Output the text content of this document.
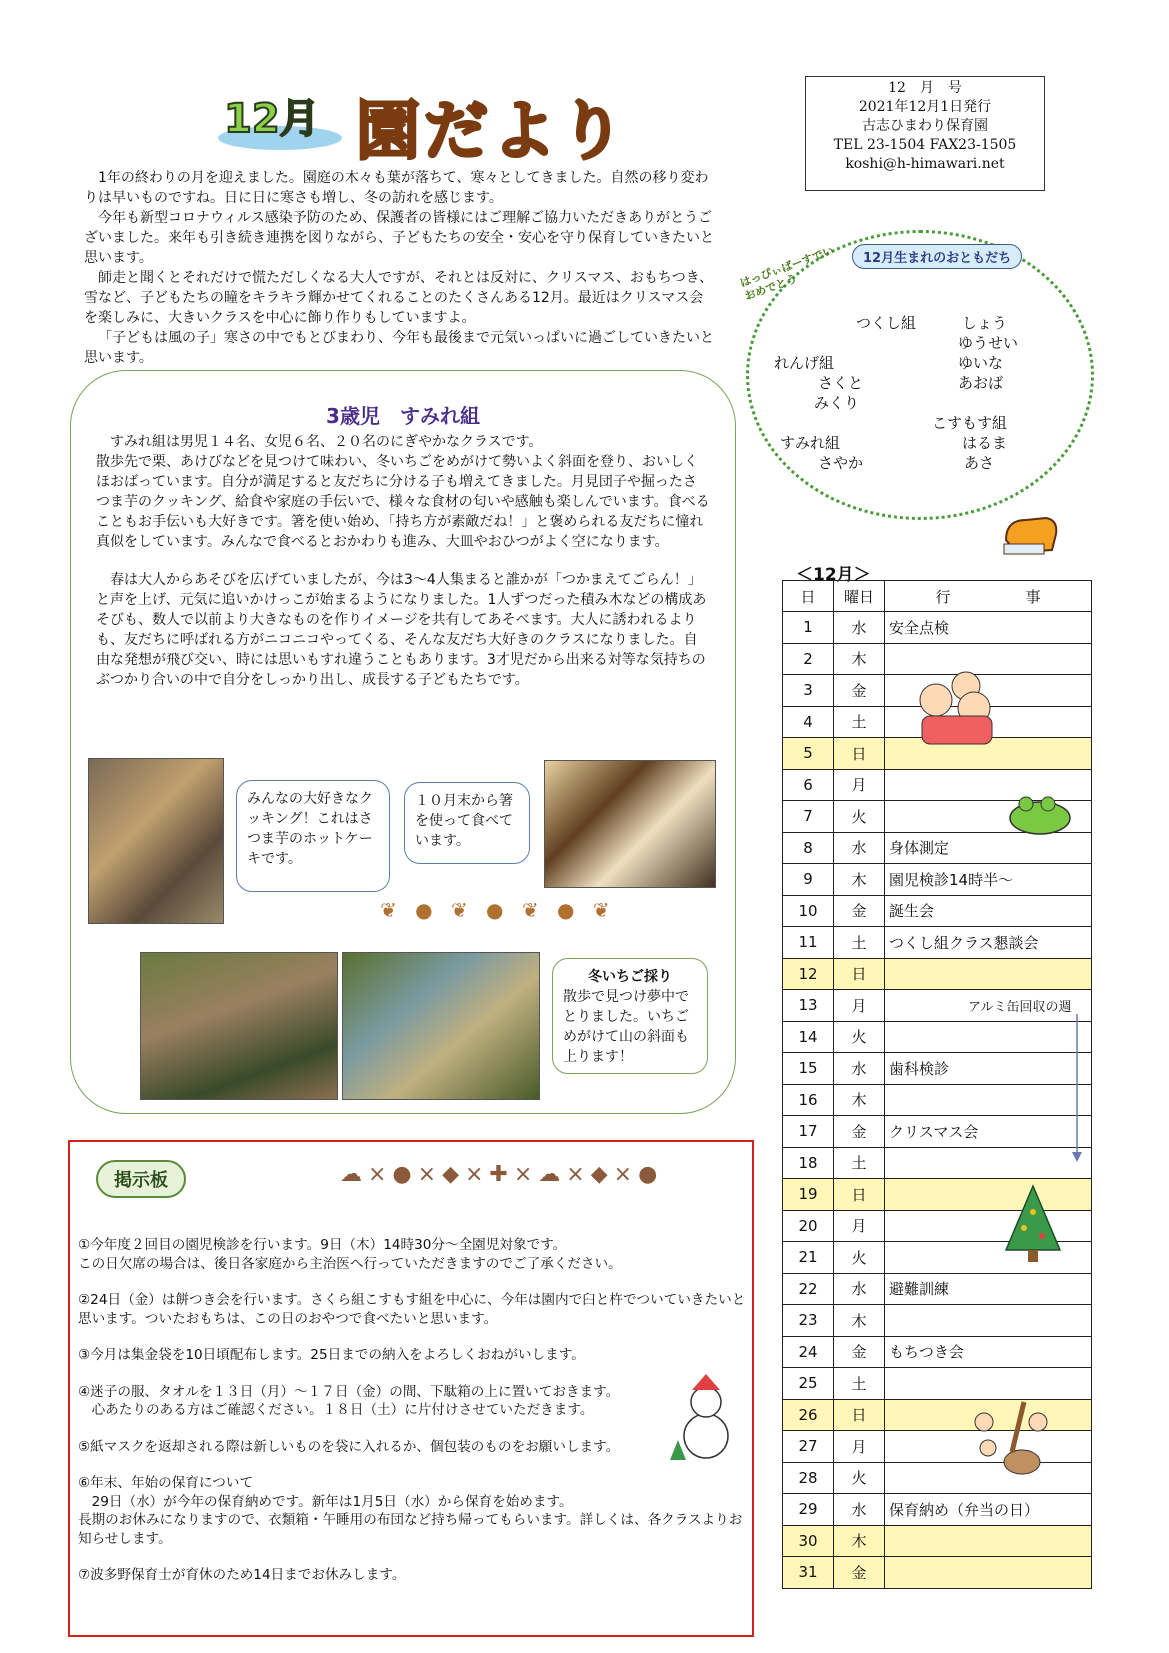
12月 園だより
12　月　号
2021年12月1日発行
古志ひまわり保育園
TEL 23-1504 FAX23-1505
koshi@h-himawari.net

1年の終わりの月を迎えました。園庭の木々も葉が落ちて、寒々としてきました。自然の移り変わりは早いものですね。日に日に寒さも増し、冬の訪れを感じます。

今年も新型コロナウィルス感染予防のため、保護者の皆様にはご理解ご協力いただきありがとうございました。来年も引き続き連携を図りながら、子どもたちの安全・安心を守り保育していきたいと思います。

師走と聞くとそれだけで慌ただしくなる大人ですが、それとは反対に、クリスマス、おもちつき、雪など、子どもたちの瞳をキラキラ輝かせてくれることのたくさんある12月。最近はクリスマス会を楽しみに、大きいクラスを中心に飾り作りもしていますよ。

「子どもは風の子」寒さの中でもとびまわり、今年も最後まで元気いっぱいに過ごしていきたいと思います。

3歳児　すみれ組

すみれ組は男児１４名、女児６名、２０名のにぎやかなクラスです。
散歩先で栗、あけびなどを見つけて味わい、冬いちごをめがけて勢いよく斜面を登り、おいしくほおばっています。自分が満足すると友だちに分ける子も増えてきました。月見団子や掘ったさつま芋のクッキング、給食や家庭の手伝いで、様々な食材の匂いや感触も楽しんでいます。食べることもお手伝いも大好きです。箸を使い始め、「持ち方が素敵だね！」と褒められる友だちに憧れ真似をしています。みんなで食べるとおかわりも進み、大皿やおひつがよく空になります。

春は大人からあそびを広げていましたが、今は3～4人集まると誰かが「つかまえてごらん！」と声を上げ、元気に追いかけっこが始まるようになりました。1人ずつだった積み木などの構成あそびも、数人で以前より大きなものを作りイメージを共有してあそべます。大人に誘われるよりも、友だちに呼ばれる方がニコニコやってくる、そんな友だち大好きのクラスになりました。自由な発想が飛び交い、時には思いもすれ違うこともあります。3才児だから出来る対等な気持ちのぶつかり合いの中で自分をしっかり出し、成長する子どもたちです。

みんなの大好きなクッキング！これはさつま芋のホットケーキです。
１０月末から箸を使って食べています。
❦ ● ❦ ● ❦ ● ❦
冬いちご採り
散歩で見つけ夢中でとりました。いちごめがけて山の斜面も上ります！
はっぴぃばーすでい
おめでとう
12月生まれのおともだち
つくし組	しょう
ゆうせい
れんげ組	ゆいな
さくと	あおば
みくり
こすもす組
すみれ組	はるま
さやか	あさ
＜12月＞
日	曜日	行　　　　　事
1	水	安全点検
2	木	
3	金	
4	土	
5	日	
6	月	
7	火	
8	水	身体測定
9	木	園児検診14時半～
10	金	誕生会
11	土	つくし組クラス懇談会
12	日	
13	月	
14	火	
15	水	歯科検診
16	木	
17	金	クリスマス会
18	土	
19	日	
20	月	
21	火	
22	水	避難訓練
23	木	
24	金	もちつき会
25	土	
26	日	
27	月	
28	火	
29	水	保育納め（弁当の日）
30	木	
31	金	
アルミ缶回収の週
掲示板	☁×●×◆×✚×☁×◆×●

①今年度２回目の園児検診を行います。9日（木）14時30分～全園児対象です。
この日欠席の場合は、後日各家庭から主治医へ行っていただきますのでご了承ください。

②24日（金）は餅つき会を行います。さくら組こすもす組を中心に、今年は園内で臼と杵でついていきたいと思います。ついたおもちは、この日のおやつで食べたいと思います。

③今月は集金袋を10日頃配布します。25日までの納入をよろしくおねがいします。

④迷子の服、タオルを１３日（月）～１７日（金）の間、下駄箱の上に置いておきます。
　心あたりのある方はご確認ください。１８日（土）に片付けさせていただきます。

⑤紙マスクを返却される際は新しいものを袋に入れるか、個包装のものをお願いします。

⑥年末、年始の保育について
　29日（水）が今年の保育納めです。新年は1月5日（水）から保育を始めます。
長期のお休みになりますので、衣類箱・午睡用の布団など持ち帰ってもらいます。詳しくは、各クラスよりお知らせします。

⑦波多野保育士が育休のため14日までお休みします。
